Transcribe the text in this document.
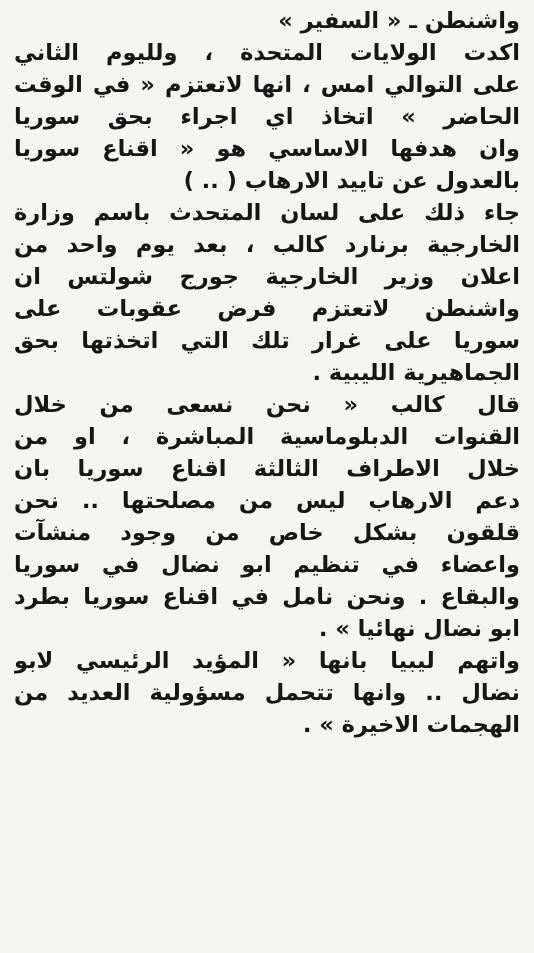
واشنطن ـ « السفير »
اكدت الولايات المتحدة ، ولليوم الثاني
على التوالي امس ، انها لاتعتزم « في الوقت
الحاضر » اتخاذ اي اجراء بحق سوريا
وان هدفها الاساسي هو « اقناع سوريا
بالعدول عن تاييد الارهاب ( .. )
جاء ذلك على لسان المتحدث باسم وزارة
الخارجية برنارد كالب ، بعد يوم واحد من
اعلان وزير الخارجية جورج شولتس ان
واشنطن لاتعتزم فرض عقوبات على
سوريا على غرار تلك التي اتخذتها بحق
الجماهيرية الليبية .
قال كالب « نحن نسعى من خلال
القنوات الدبلوماسية المباشرة ، او من
خلال الاطراف الثالثة اقناع سوريا بان
دعم الارهاب ليس من مصلحتها .. نحن
قلقون بشكل خاص من وجود منشآت
واعضاء في تنظيم ابو نضال في سوريا
والبقاع . ونحن نامل في اقناع سوريا بطرد
ابو نضال نهائيا » .
واتهم ليبيا بانها « المؤيد الرئيسي لابو
نضال .. وانها تتحمل مسؤولية العديد من
الهجمات الاخيرة » .
